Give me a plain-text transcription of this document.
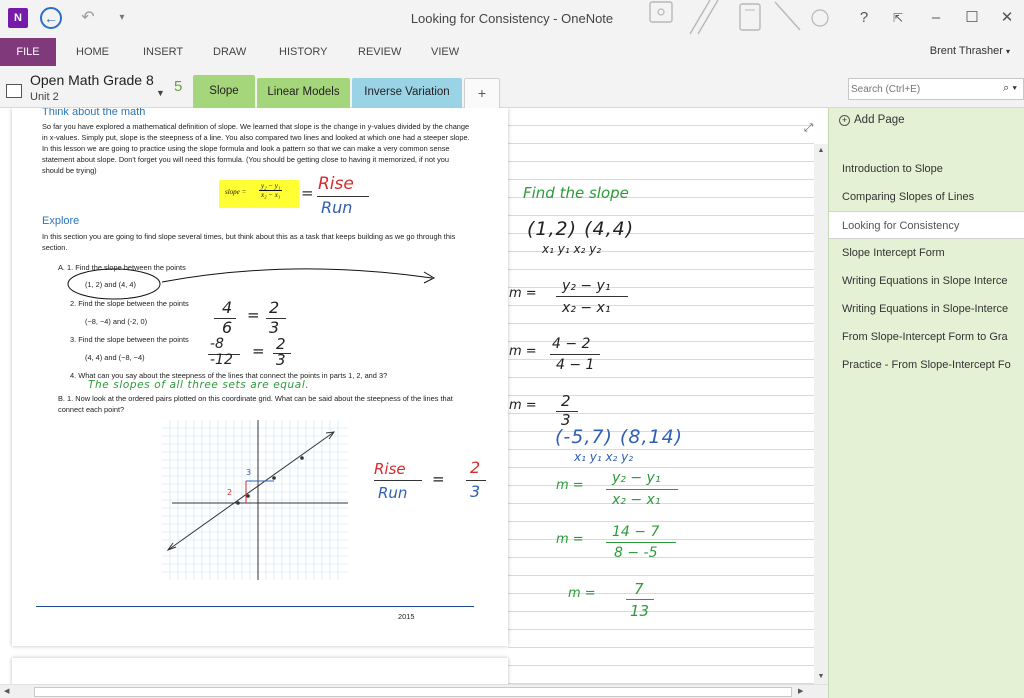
N	←	↶	▾	Looking for Consistency - OneNote	?	⇱	–	☐	✕
FILE	HOME	INSERT	DRAW	HISTORY	REVIEW	VIEW	Brent Thrasher ▾
Open Math Grade 8
Unit 2	▼ 5	Slope	Linear Models	Inverse Variation	+
Search (Ctrl+E)	⌕ ▾
Think about the math
So far you have explored a mathematical definition of slope. We learned that slope is the change in y-values divided by the change in x-values. Simply put, slope is the steepness of a line. You also compared two lines and looked at which one had a steeper slope. In this lesson we are going to practice using the slope formula and look a pattern so that we can make a very common sense statement about slope. Don't forget you will need this formula. (You should be getting close to having it memorized, if not you should be trying)
slope = $\frac{\text{y₂ − y₁}}{\text{x₂ − x₁}}$
Explore
In this section you are going to find slope several times, but think about this as a task that keeps building as we go through this section.
A. 1. Find the slope between the points
(1, 2) and (4, 4)
2. Find the slope between the points
(−8, −4) and (-2, 0)
3. Find the slope between the points
(4, 4) and (−8, −4)
4. What can you say about the steepness of the lines that connect the points in parts 1, 2, and 3?
B. 1. Now look at the ordered pairs plotted on this coordinate grid. What can be said about the steepness of the lines that connect each point?
2015
Rise
=
Run
4
6
= 2
3
-8
-12 = 2
3
The slopes of all three sets are equal.
3
2
Rise
Run
=
2
3
Find the slope
(1,2) (4,4)
x₁ y₁ x₂ y₂
m = y₂ − y₁
x₂ − x₁
m = 4 − 2
4 − 1
m = 2
3
(-5,7) (8,14)
x₁ y₁ x₂ y₂
m = y₂ − y₁
x₂ − x₁
m = 14 − 7
8 − -5
m =	7
13
⤢
▲
▼
◀	▶
+ Add Page
Introduction to Slope
Comparing Slopes of Lines
Looking for Consistency
Slope Intercept Form
Writing Equations in Slope Interce
Writing Equations in Slope-Interce
From Slope-Intercept Form to Gra
Practice - From Slope-Intercept Fo
